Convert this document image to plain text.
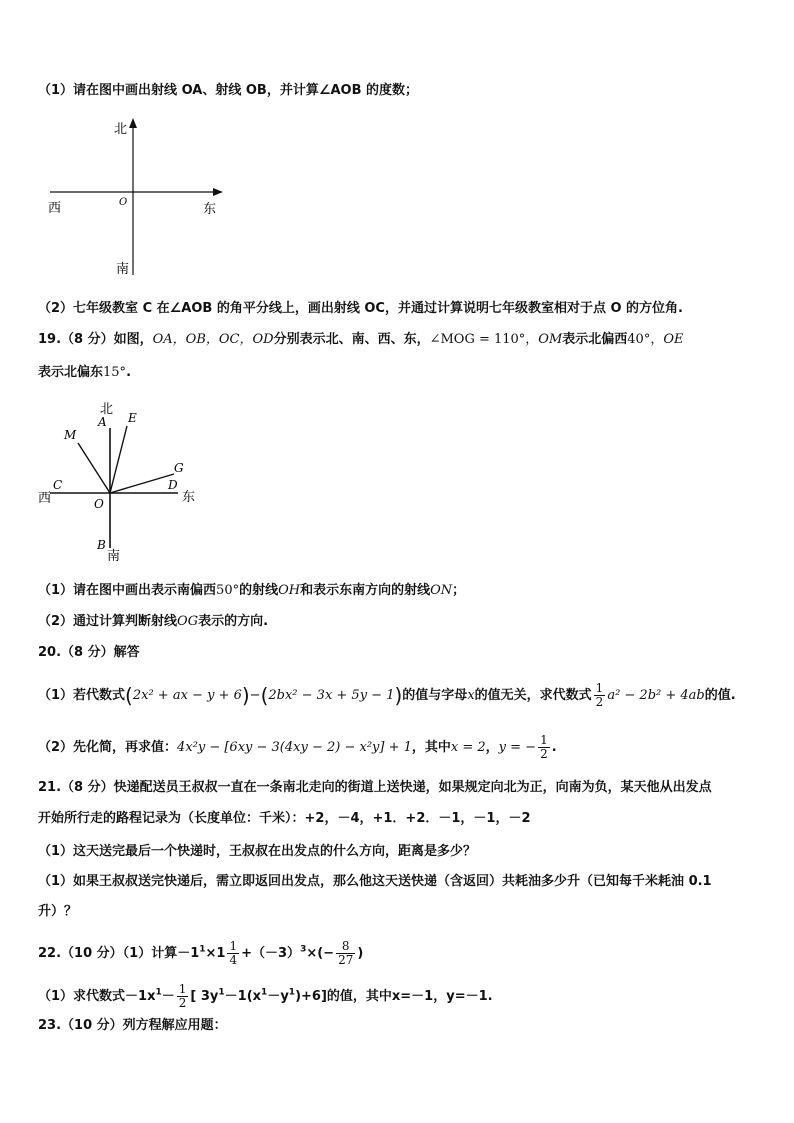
（1）请在图中画出射线 OA、射线 OB，并计算∠AOB 的度数；
北
西	东
南
O
（2）七年级教室 C 在∠AOB 的角平分线上，画出射线 OC，并通过计算说明七年级教室相对于点 O 的方位角.
19.（8 分）如图，OA，OB，OC，OD分别表示北、南、西、东，∠MOG = 110°，OM表示北偏西40°，OE
表示北偏东15°.
北
A E
M
G
C	D
西	东
O
B
南
（1）请在图中画出表示南偏西50°的射线OH和表示东南方向的射线ON；
（2）通过计算判断射线OG表示的方向.
20.（8 分）解答
（1）若代数式(2x² + ax − y + 6)−(2bx² − 3x + 5y − 1)的值与字母x的值无关，求代数式 $\frac{1}{2} a^2 - 2b^2 + 4ab$的值.
（2）先化简，再求值：4x²y − [6xy − 3(4xy − 2) − x²y] + 1，其中x = 2，y = − $\frac{1}{2}$ .
21.（8 分）快递配送员王叔叔一直在一条南北走向的街道上送快递，如果规定向北为正，向南为负，某天他从出发点
开始所行走的路程记录为（长度单位：千米）：+2，－4，+1．+2．－1，－1，－2
（1）这天送完最后一个快递时，王叔叔在出发点的什么方向，距离是多少？
（1）如果王叔叔送完快递后，需立即返回出发点，那么他这天送快递（含返回）共耗油多少升（已知每千米耗油 0.1
升）？
22.（10 分）（1）计算$-1^1\times 1 \frac{1}{4} +(-3)^3\times(- \frac{8}{27}$ )
（1）求代数式$-1x^1- \frac{1}{2}$ [ $3y^1-1(x^1-y^1)+6$]的值，其中x=－1，y=－1.
23.（10 分）列方程解应用题：
